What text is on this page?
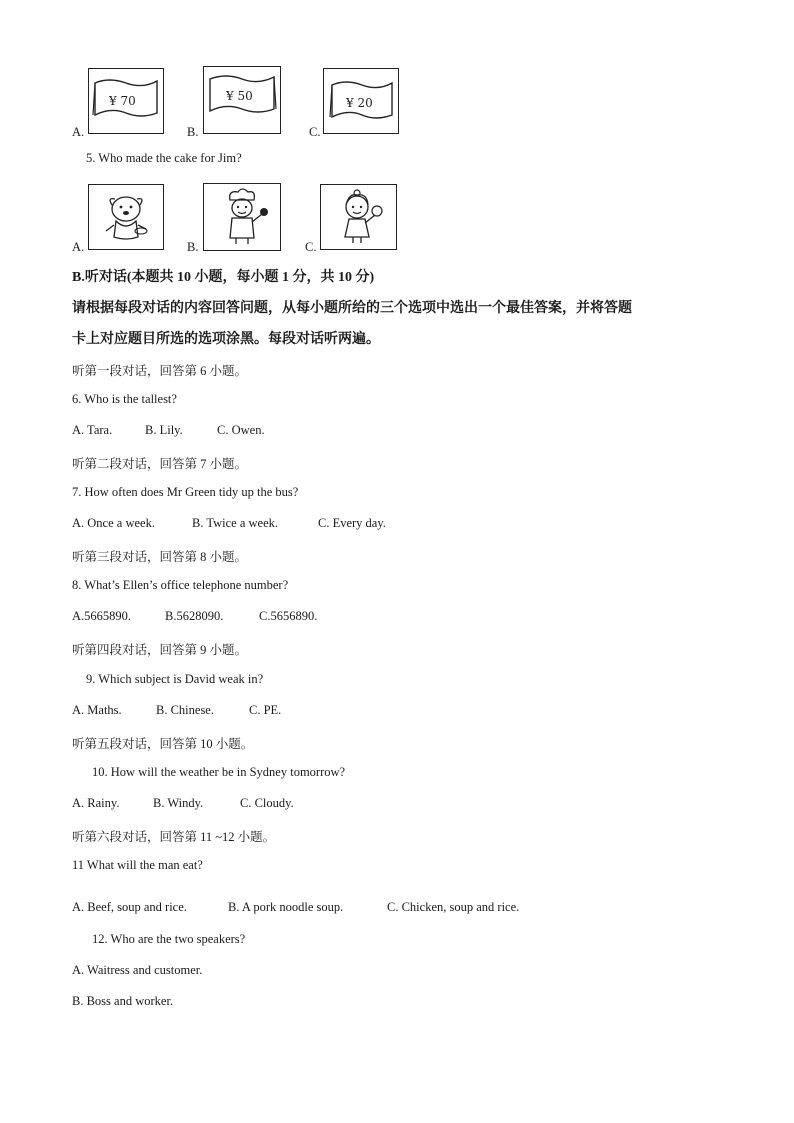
A.
¥ 70
B.
¥ 50
C.
¥ 20
5. Who made the cake for Jim?
A.	B.	C.
B.听对话(本题共 10 小题，每小题 1 分，共 10 分)
请根据每段对话的内容回答问题，从每小题所给的三个选项中选出一个最佳答案，并将答题
卡上对应题目所选的选项涂黑。每段对话听两遍。
听第一段对话，回答第 6 小题。
6. Who is the tallest?
A. Tara.	B. Lily.	C. Owen.
听第二段对话，回答第 7 小题。
7. How often does Mr Green tidy up the bus?
A. Once a week.	B. Twice a week.	C. Every day.
听第三段对话，回答第 8 小题。
8. What’s Ellen’s office telephone number?
A.5665890.	B.5628090.	C.5656890.
听第四段对话，回答第 9 小题。
9. Which subject is David weak in?
A. Maths.	B. Chinese.	C. PE.
听第五段对话，回答第 10 小题。
10. How will the weather be in Sydney tomorrow?
A. Rainy.	B. Windy.	C. Cloudy.
听第六段对话，回答第 11 ~12 小题。
11 What will the man eat?
A. Beef, soup and rice.	B. A pork noodle soup.	C. Chicken, soup and rice.
12. Who are the two speakers?
A. Waitress and customer.
B. Boss and worker.
